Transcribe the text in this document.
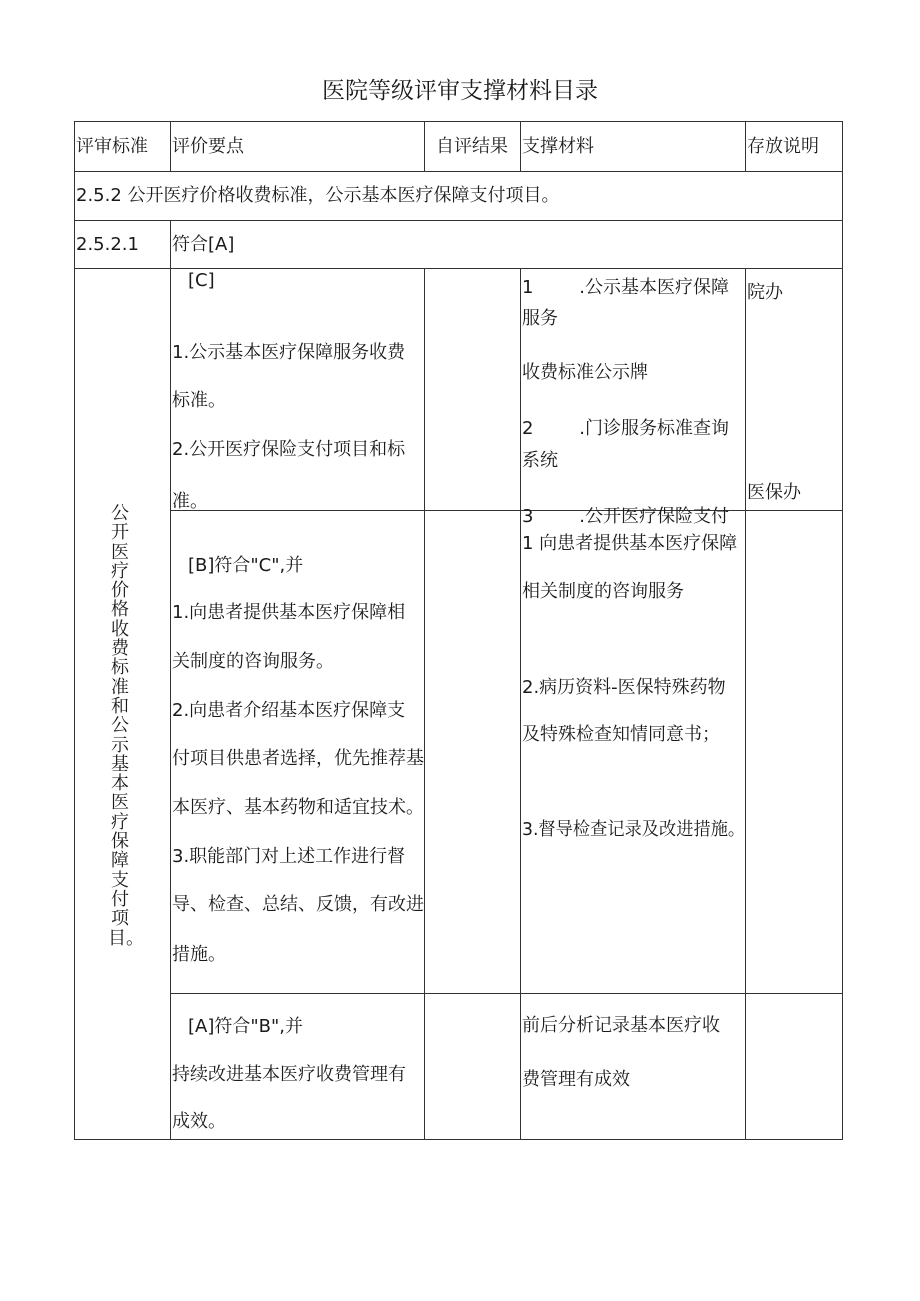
医院等级评审支撑材料目录
评审标准 评价要点	自评结果 支撑材料	存放说明
2.5.2 公开医疗价格收费标准，公示基本医疗保障支付项目。
2.5.2.1 符合[A]
公开医疗价格收费标准和公示基本医疗保障支付项目。
[C]
1.公示基本医疗保障服务收费
标准。
2.公开医疗保险支付项目和标
准。
1        .公示基本医疗保障
服务
收费标准公示牌
2        .门诊服务标准查询
系统
3        .公开医疗保险支付
院办
医保办
[B]符合"C",并
1.向患者提供基本医疗保障相
关制度的咨询服务。
2.向患者介绍基本医疗保障支
付项目供患者选择，优先推荐基
本医疗、基本药物和适宜技术。
3.职能部门对上述工作进行督
导、检查、总结、反馈，有改进
措施。
1 向患者提供基本医疗保障
相关制度的咨询服务
2.病历资料-医保特殊药物
及特殊检查知情同意书；
3.督导检查记录及改进措施。
[A]符合"B",并
持续改进基本医疗收费管理有
成效。
前后分析记录基本医疗收
费管理有成效
